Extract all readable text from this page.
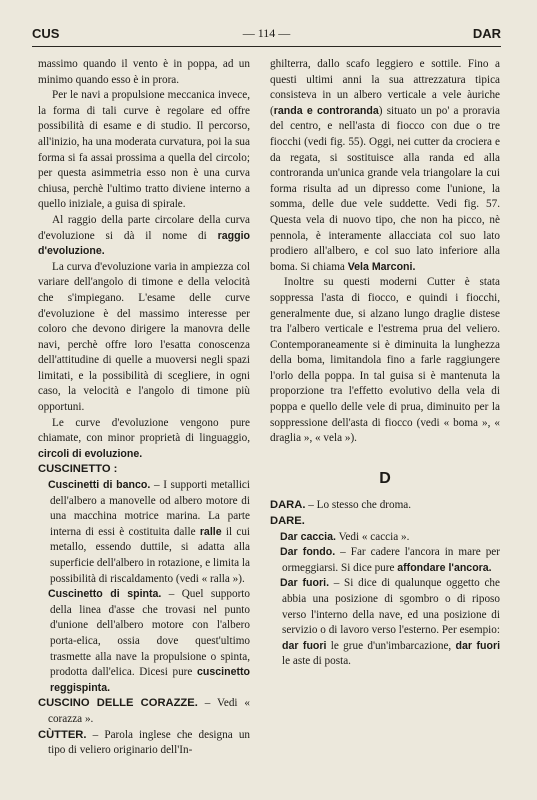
CUS	— 114 —	DAR

massimo quando il vento è in poppa, ad un minimo quando esso è in prora.

Per le navi a propulsione meccanica invece, la forma di tali curve è regolare ed offre possibilità di esame e di studio. Il percorso, all'inizio, ha una moderata curvatura, poi la sua forma si fa assai prossima a quella del circolo; per questa asimmetria esso non è una curva chiusa, perchè l'ultimo tratto diviene interno a quello iniziale, a guisa di spirale.

Al raggio della parte circolare della curva d'evoluzione si dà il nome di raggio d'evoluzione.

La curva d'evoluzione varia in ampiezza col variare dell'angolo di timone e della velocità che s'impiegano. L'esame delle curve d'evoluzione è del massimo interesse per coloro che devono dirigere la manovra delle navi, perchè offre loro l'esatta conoscenza dell'attitudine di quelle a muoversi negli spazi limitati, e la possibilità di scegliere, in ogni caso, la velocità e l'angolo di timone più opportuni.

Le curve d'evoluzione vengono pure chiamate, con minor proprietà di linguaggio, circoli di evoluzione.

CUSCINETTO :

Cuscinetti di banco. – I supporti metallici dell'albero a manovelle od albero motore di una macchina motrice marina. La parte interna di essi è costituita dalle ralle il cui metallo, essendo duttile, si adatta alla superficie dell'albero in rotazione, e limita la possibilità di riscaldamento (vedi « ralla »).

Cuscinetto di spinta. – Quel supporto della linea d'asse che trovasi nel punto d'unione dell'albero motore con l'albero porta-elica, ossia dove quest'ultimo trasmette alla nave la propulsione o spinta, prodotta dall'elica. Dicesi pure cuscinetto reggispinta.

CUSCINO DELLE CORAZZE. – Vedi « corazza ».

CÙTTER. – Parola inglese che designa un tipo di veliero originario dell'In-

ghilterra, dallo scafo leggiero e sottile. Fino a questi ultimi anni la sua attrezzatura tipica consisteva in un albero verticale a vele àuriche (randa e controranda) situato un po' a proravia del centro, e nell'asta di fiocco con due o tre fiocchi (vedi fig. 55). Oggi, nei cutter da crociera e da regata, si sostituisce alla randa ed alla controranda un'unica grande vela triangolare la cui forma risulta ad un dipresso come l'unione, la somma, delle due vele suddette. Vedi fig. 57. Questa vela di nuovo tipo, che non ha picco, nè pennola, è interamente allacciata col suo lato prodiero all'albero, e col suo lato inferiore alla boma. Si chiama Vela Marconi.

Inoltre su questi moderni Cutter è stata soppressa l'asta di fiocco, e quindi i fiocchi, generalmente due, si alzano lungo draglie distese tra l'albero verticale e l'estrema prua del veliero. Contemporaneamente si è diminuita la lunghezza della boma, limitandola fino a farle raggiungere l'orlo della poppa. In tal guisa si è mantenuta la proporzione tra l'effetto evolutivo della vela di poppa e quello delle vele di prua, diminuito per la soppressione dell'asta di fiocco (vedi « boma », « draglia », « vela »).

D

DARA. – Lo stesso che droma.

DARE.

Dar caccia. Vedi « caccia ».

Dar fondo. – Far cadere l'ancora in mare per ormeggiarsi. Si dice pure affondare l'ancora.

Dar fuori. – Si dice di qualunque oggetto che abbia una posizione di sgombro o di riposo verso l'interno della nave, ed una posizione di servizio o di lavoro verso l'esterno. Per esempio: dar fuori le grue d'un'imbarcazione, dar fuori le aste di posta.
